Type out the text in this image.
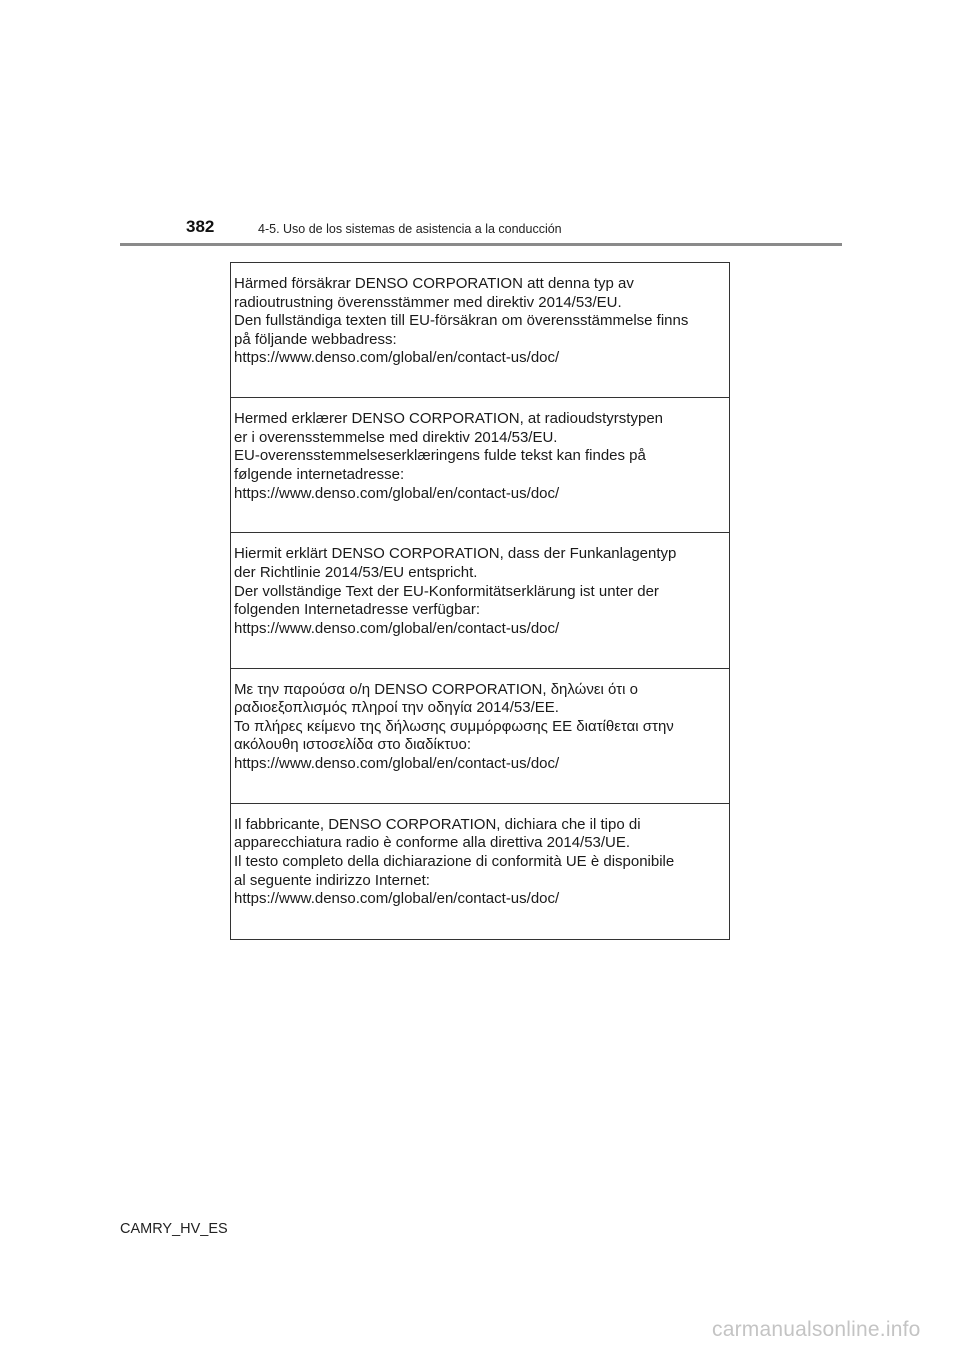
382	4-5. Uso de los sistemas de asistencia a la conducción
Härmed försäkrar DENSO CORPORATION att denna typ av
radioutrustning överensstämmer med direktiv 2014/53/EU.
Den fullständiga texten till EU-försäkran om överensstämmelse finns
på följande webbadress:
https://www.denso.com/global/en/contact-us/doc/
Hermed erklærer DENSO CORPORATION, at radioudstyrstypen
er i overensstemmelse med direktiv 2014/53/EU.
EU-overensstemmelseserklæringens fulde tekst kan findes på
følgende internetadresse:
https://www.denso.com/global/en/contact-us/doc/
Hiermit erklärt DENSO CORPORATION, dass der Funkanlagentyp
der Richtlinie 2014/53/EU entspricht.
Der vollständige Text der EU-Konformitätserklärung ist unter der
folgenden Internetadresse verfügbar:
https://www.denso.com/global/en/contact-us/doc/
Με την παρούσα ο/η DENSO CORPORATION, δηλώνει ότι ο
ραδιοεξοπλισμός πληροί την οδηγία 2014/53/ΕΕ.
Το πλήρες κείμενο της δήλωσης συμμόρφωσης ΕΕ διατίθεται στην
ακόλουθη ιστοσελίδα στο διαδίκτυο:
https://www.denso.com/global/en/contact-us/doc/
Il fabbricante, DENSO CORPORATION, dichiara che il tipo di
apparecchiatura radio è conforme alla direttiva 2014/53/UE.
Il testo completo della dichiarazione di conformità UE è disponibile
al seguente indirizzo Internet:
https://www.denso.com/global/en/contact-us/doc/
CAMRY_HV_ES
carmanualsonline.info
